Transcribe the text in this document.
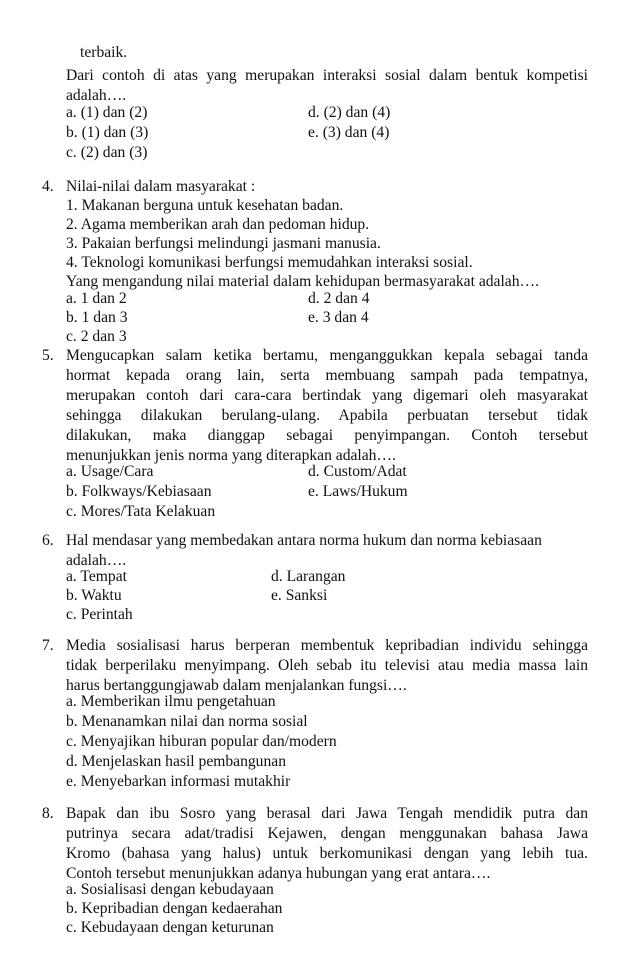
terbaik.
Dari contoh di atas yang merupakan interaksi sosial dalam bentuk kompetisi
adalah….
a. (1) dan (2)	d. (2) dan (4)
b. (1) dan (3)	e. (3) dan (4)
c. (2) dan (3)
4. Nilai-nilai dalam masyarakat :
1. Makanan berguna untuk kesehatan badan.
2. Agama memberikan arah dan pedoman hidup.
3. Pakaian berfungsi melindungi jasmani manusia.
4. Teknologi komunikasi berfungsi memudahkan interaksi sosial.
Yang mengandung nilai material dalam kehidupan bermasyarakat adalah….
a. 1 dan 2	d. 2 dan 4
b. 1 dan 3	e. 3 dan 4
c. 2 dan 3
5. Mengucapkan salam ketika bertamu, menganggukkan kepala sebagai tanda
hormat kepada orang lain, serta membuang sampah pada tempatnya,
merupakan contoh dari cara-cara bertindak yang digemari oleh masyarakat
sehingga dilakukan berulang-ulang. Apabila perbuatan tersebut tidak
dilakukan, maka dianggap sebagai penyimpangan. Contoh tersebut
menunjukkan jenis norma yang diterapkan adalah….
a. Usage/Cara	d. Custom/Adat
b. Folkways/Kebiasaan	e. Laws/Hukum
c. Mores/Tata Kelakuan
6. Hal mendasar yang membedakan antara norma hukum dan norma kebiasaan
adalah….
a. Tempat	d. Larangan
b. Waktu	e. Sanksi
c. Perintah
7. Media sosialisasi harus berperan membentuk kepribadian individu sehingga
tidak berperilaku menyimpang. Oleh sebab itu televisi atau media massa lain
harus bertanggungjawab dalam menjalankan fungsi….
a. Memberikan ilmu pengetahuan
b. Menanamkan nilai dan norma sosial
c. Menyajikan hiburan popular dan/modern
d. Menjelaskan hasil pembangunan
e. Menyebarkan informasi mutakhir
8. Bapak dan ibu Sosro yang berasal dari Jawa Tengah mendidik putra dan
putrinya secara adat/tradisi Kejawen, dengan menggunakan bahasa Jawa
Kromo (bahasa yang halus) untuk berkomunikasi dengan yang lebih tua.
Contoh tersebut menunjukkan adanya hubungan yang erat antara….
a. Sosialisasi dengan kebudayaan
b. Kepribadian dengan kedaerahan
c. Kebudayaan dengan keturunan
